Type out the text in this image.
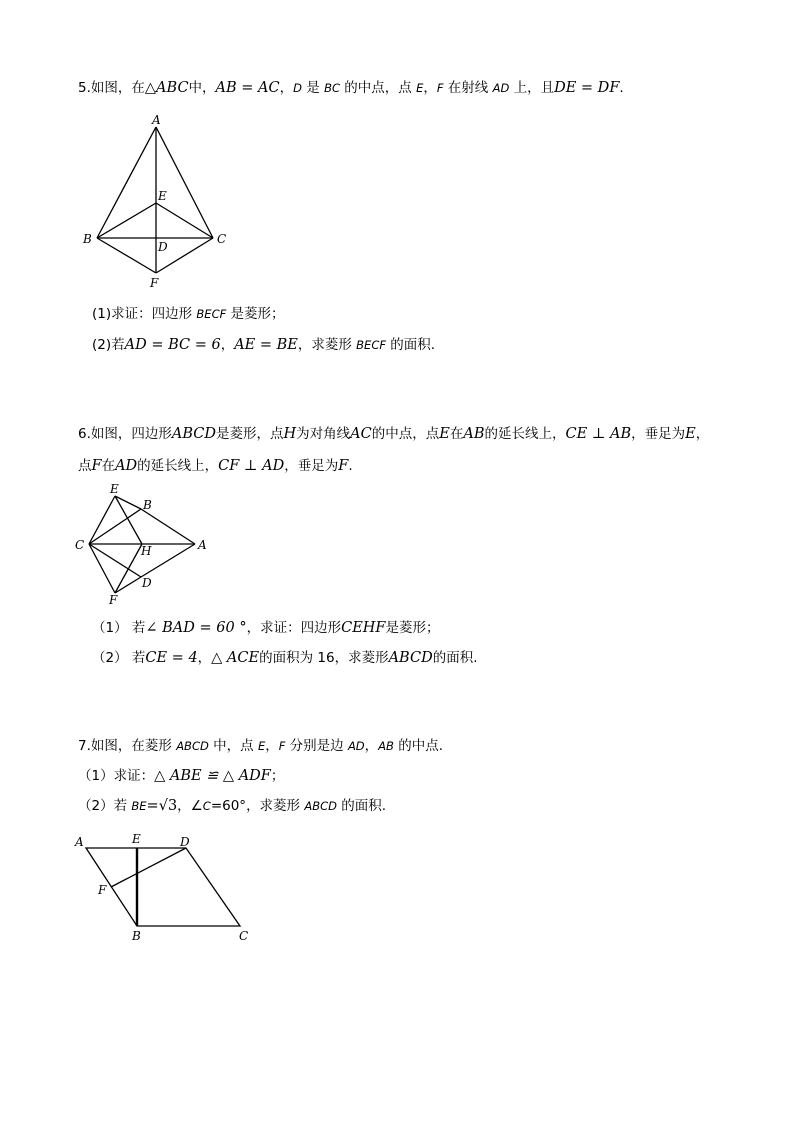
5.如图，在△ABC中，AB = AC，D 是 BC 的中点，点 E，F 在射线 AD 上，且DE = DF.
A
B	C
E
D
F
(1)求证：四边形 BECF 是菱形；
(2)若AD = BC = 6，AE = BE，求菱形 BECF 的面积.
6.如图，四边形ABCD是菱形，点H为对角线AC的中点，点E在AB的延长线上，CE ⊥ AB，垂足为E，
点F在AD的延长线上，CF ⊥ AD，垂足为F.
E
B
C	H	A
D
F
（1） 若∠ BAD = 60 °，求证：四边形CEHF是菱形；
（2） 若CE = 4，△ ACE的面积为 16，求菱形ABCD的面积.
7.如图，在菱形 ABCD 中，点 E，F 分别是边 AD，AB 的中点.
（1）求证：△ ABE ≌ △ ADF；
（2）若 BE=√3，∠C=60°，求菱形 ABCD 的面积.
A	E	D
F
B	C
